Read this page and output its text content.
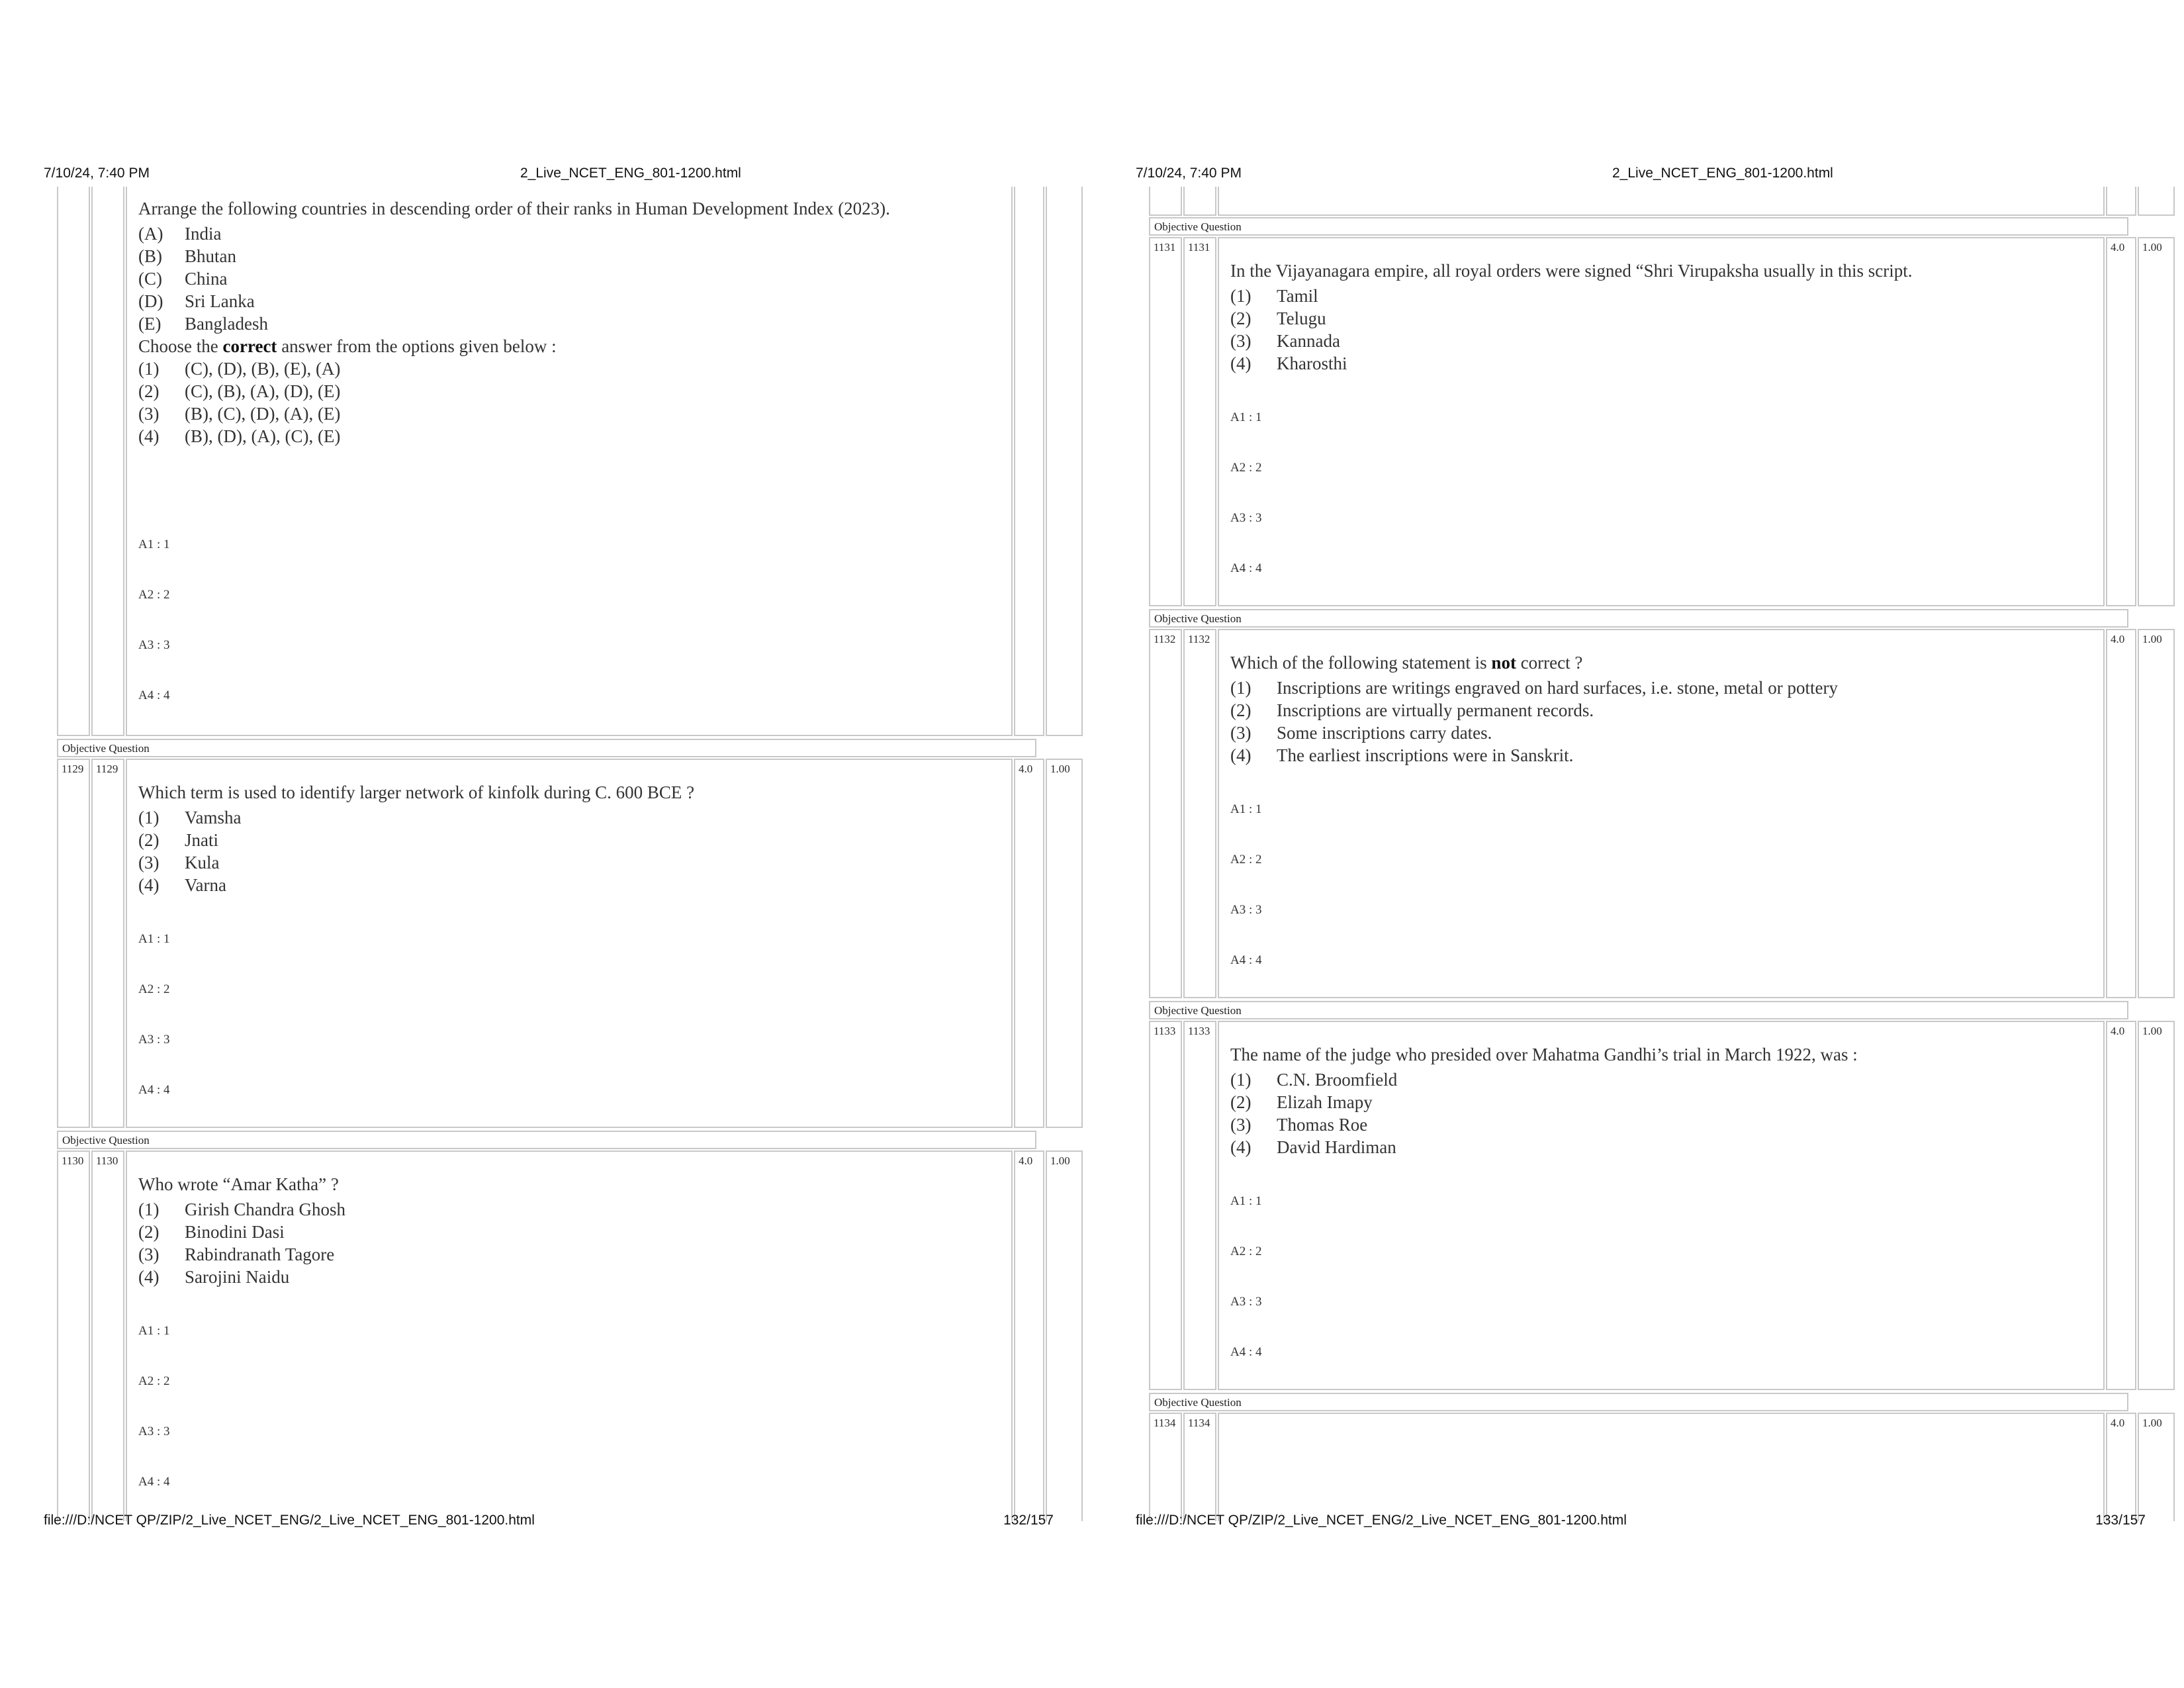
7/10/24, 7:40 PM	2_Live_NCET_ENG_801-1200.html
Arrange the following countries in descending order of their ranks in Human Development Index (2023).
(A)	India
(B)	Bhutan
(C)	China
(D)	Sri Lanka
(E)	Bangladesh
Choose the correct answer from the options given below :
(1)	(C), (D), (B), (E), (A)
(2)	(C), (B), (A), (D), (E)
(3)	(B), (C), (D), (A), (E)
(4)	(B), (D), (A), (C), (E)
A1 : 1
A2 : 2
A3 : 3
A4 : 4
Objective Question
1129	1129
Which term is used to identify larger network of kinfolk during C. 600 BCE ?
(1)	Vamsha
(2)	Jnati
(3)	Kula
(4)	Varna
A1 : 1
A2 : 2
A3 : 3
A4 : 4
4.0	1.00
Objective Question
1130	1130
Who wrote “Amar Katha” ?
(1)	Girish Chandra Ghosh
(2)	Binodini Dasi
(3)	Rabindranath Tagore
(4)	Sarojini Naidu
A1 : 1
A2 : 2
A3 : 3
A4 : 4
4.0	1.00
file:///D:/NCET QP/ZIP/2_Live_NCET_ENG/2_Live_NCET_ENG_801-1200.html	132/157
7/10/24, 7:40 PM	2_Live_NCET_ENG_801-1200.html
Objective Question
1131	1131
In the Vijayanagara empire, all royal orders were signed “Shri Virupaksha usually in this script.
(1)	Tamil
(2)	Telugu
(3)	Kannada
(4)	Kharosthi
A1 : 1
A2 : 2
A3 : 3
A4 : 4
4.0	1.00
Objective Question
1132	1132
Which of the following statement is not correct ?
(1)	Inscriptions are writings engraved on hard surfaces, i.e. stone, metal or pottery
(2)	Inscriptions are virtually permanent records.
(3)	Some inscriptions carry dates.
(4)	The earliest inscriptions were in Sanskrit.
A1 : 1
A2 : 2
A3 : 3
A4 : 4
4.0	1.00
Objective Question
1133	1133
The name of the judge who presided over Mahatma Gandhi’s trial in March 1922, was :
(1)	C.N. Broomfield
(2)	Elizah Imapy
(3)	Thomas Roe
(4)	David Hardiman
A1 : 1
A2 : 2
A3 : 3
A4 : 4
4.0	1.00
Objective Question
1134	1134	4.0	1.00
file:///D:/NCET QP/ZIP/2_Live_NCET_ENG/2_Live_NCET_ENG_801-1200.html	133/157
